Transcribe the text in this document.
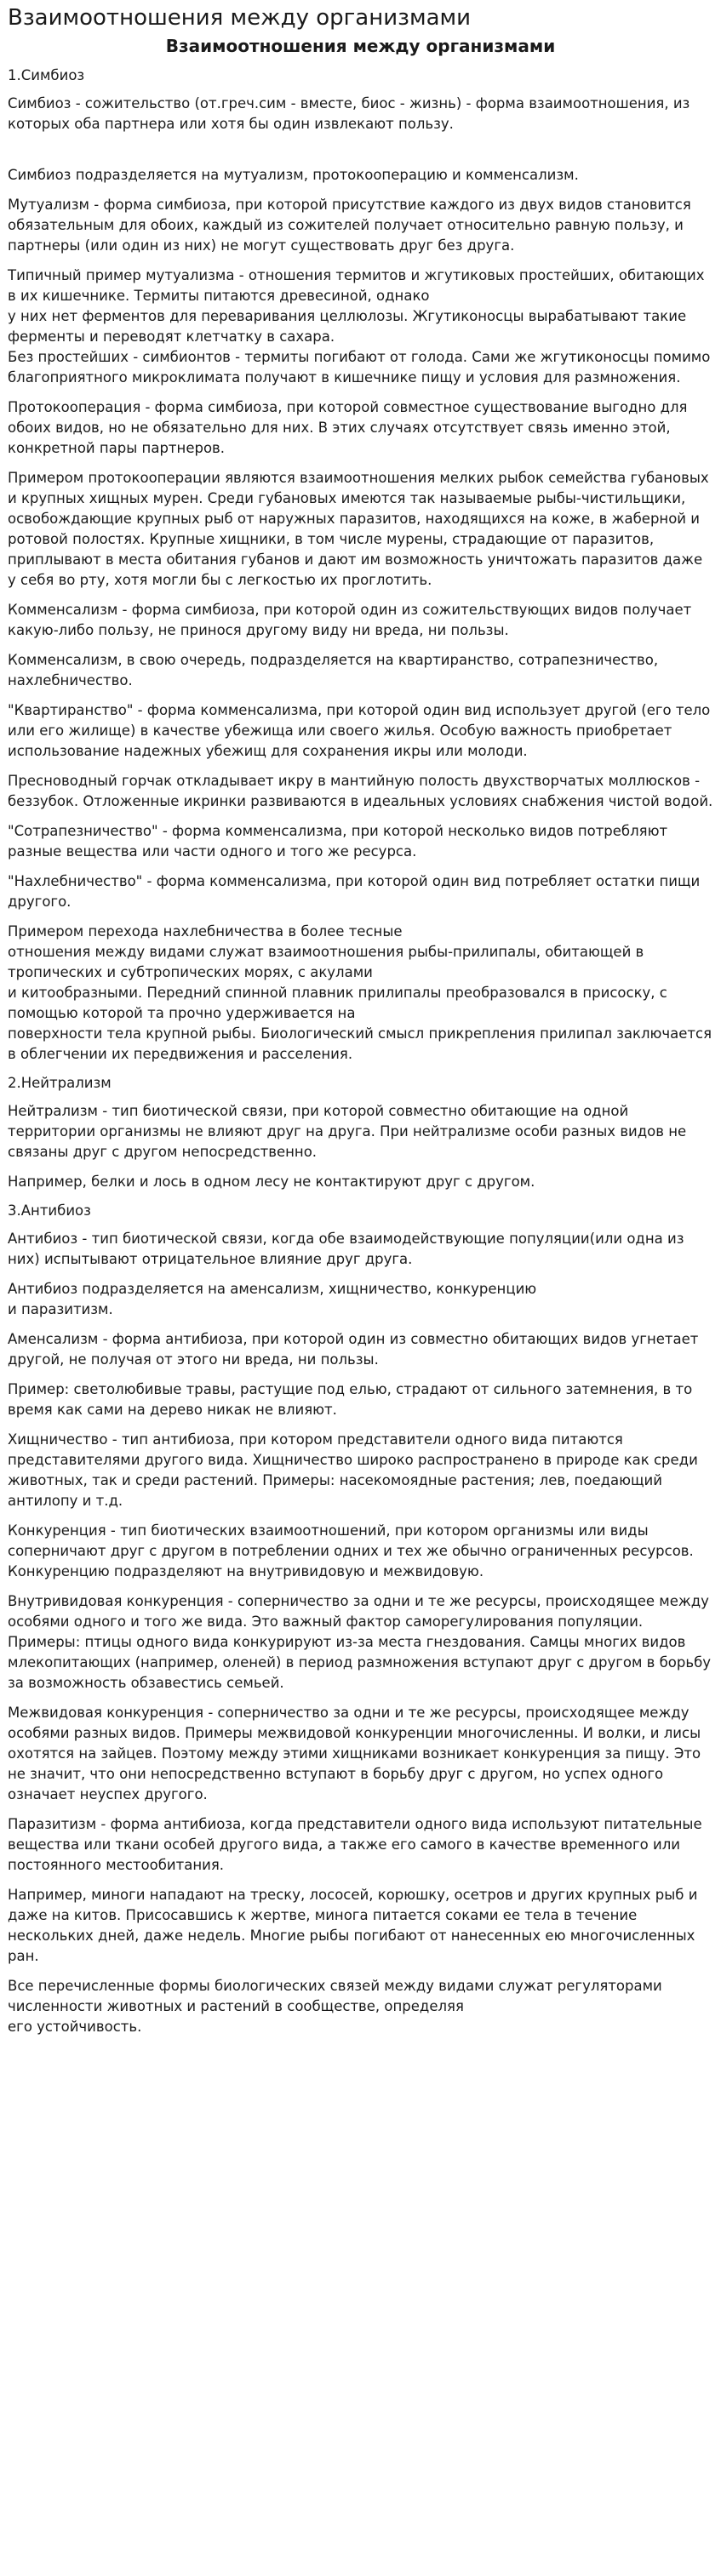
Взаимоотношения между организмами
Взаимоотношения между организмами
1.Симбиоз

Симбиоз - сожительство (от.греч.сим - вместе, биос - жизнь) - форма взаимоотношения, из которых оба партнера или хотя бы один извлекают пользу.

Симбиоз подразделяется на мутуализм, протокооперацию и комменсализм.

Мутуализм - форма симбиоза, при которой присутствие каждого из двух видов становится обязательным для обоих, каждый из сожителей получает относительно равную пользу, и партнеры (или один из них) не могут существовать друг без друга.

Типичный пример мутуализма - отношения термитов и жгутиковых простейших, обитающих в их кишечнике. Термиты питаются древесиной, однако
у них нет ферментов для переваривания целлюлозы. Жгутиконосцы вырабатывают такие ферменты и переводят клетчатку в сахара.
Без простейших - симбионтов - термиты погибают от голода. Сами же жгутиконосцы помимо благоприятного микроклимата получают в кишечнике пищу и условия для размножения.

Протокооперация - форма симбиоза, при которой совместное существование выгодно для обоих видов, но не обязательно для них. В этих случаях отсутствует связь именно этой, конкретной пары партнеров.

Примером протокооперации являются взаимоотношения мелких рыбок семейства губановых и крупных хищных мурен. Среди губановых имеются так называемые рыбы-чистильщики, освобождающие крупных рыб от наружных паразитов, находящихся на коже, в жаберной и ротовой полостях. Крупные хищники, в том числе мурены, страдающие от паразитов, приплывают в места обитания губанов и дают им возможность уничтожать паразитов даже у себя во рту, хотя могли бы с легкостью их проглотить.

Комменсализм - форма симбиоза, при которой один из сожительствующих видов получает какую-либо пользу, не принося другому виду ни вреда, ни пользы.

Комменсализм, в свою очередь, подразделяется на квартиранство, сотрапезничество, нахлебничество.

"Квартиранство" - форма комменсализма, при которой один вид использует другой (его тело или его жилище) в качестве убежища или своего жилья. Особую важность приобретает использование надежных убежищ для сохранения икры или молоди.

Пресноводный горчак откладывает икру в мантийную полость двухстворчатых моллюсков - беззубок. Отложенные икринки развиваются в идеальных условиях снабжения чистой водой.

"Сотрапезничество" - форма комменсализма, при которой несколько видов потребляют разные вещества или части одного и того же ресурса.

"Нахлебничество" - форма комменсализма, при которой один вид потребляет остатки пищи другого.

Примером перехода нахлебничества в более тесные
отношения между видами служат взаимоотношения рыбы-прилипалы, обитающей в тропических и субтропических морях, с акулами
и китообразными. Передний спинной плавник прилипалы преобразовался в присоску, с помощью которой та прочно удерживается на
поверхности тела крупной рыбы. Биологический смысл прикрепления прилипал заключается в облегчении их передвижения и расселения.

2.Нейтрализм

Нейтрализм - тип биотической связи, при которой совместно обитающие на одной территории организмы не влияют друг на друга. При нейтрализме особи разных видов не связаны друг с другом непосредственно.

Например, белки и лось в одном лесу не контактируют друг с другом.

3.Антибиоз

Антибиоз - тип биотической связи, когда обе взаимодействующие популяции(или одна из них) испытывают отрицательное влияние друг друга.

Антибиоз подразделяется на аменсализм, хищничество, конкуренцию
и паразитизм.

Аменсализм - форма антибиоза, при которой один из совместно обитающих видов угнетает другой, не получая от этого ни вреда, ни пользы.

Пример: светолюбивые травы, растущие под елью, страдают от сильного затемнения, в то время как сами на дерево никак не влияют.

Хищничество - тип антибиоза, при котором представители одного вида питаются представителями другого вида. Хищничество широко распространено в природе как среди животных, так и среди растений. Примеры: насекомоядные растения; лев, поедающий антилопу и т.д.

Конкуренция - тип биотических взаимоотношений, при котором организмы или виды соперничают друг с другом в потреблении одних и тех же обычно ограниченных ресурсов. Конкуренцию подразделяют на внутривидовую и межвидовую.

Внутривидовая конкуренция - соперничество за одни и те же ресурсы, происходящее между особями одного и того же вида. Это важный фактор саморегулирования популяции. Примеры: птицы одного вида конкурируют из-за места гнездования. Самцы многих видов млекопитающих (например, оленей) в период размножения вступают друг с другом в борьбу за возможность обзавестись семьей.

Межвидовая конкуренция - соперничество за одни и те же ресурсы, происходящее между особями разных видов. Примеры межвидовой конкуренции многочисленны. И волки, и лисы охотятся на зайцев. Поэтому между этими хищниками возникает конкуренция за пищу. Это не значит, что они непосредственно вступают в борьбу друг с другом, но успех одного означает неуспех другого.

Паразитизм - форма антибиоза, когда представители одного вида используют питательные вещества или ткани особей другого вида, а также его самого в качестве временного или постоянного местообитания.

Например, миноги нападают на треску, лососей, корюшку, осетров и других крупных рыб и даже на китов. Присосавшись к жертве, минога питается соками ее тела в течение нескольких дней, даже недель. Многие рыбы погибают от нанесенных ею многочисленных ран.

Все перечисленные формы биологических связей между видами служат регуляторами численности животных и растений в сообществе, определяя
его устойчивость.
